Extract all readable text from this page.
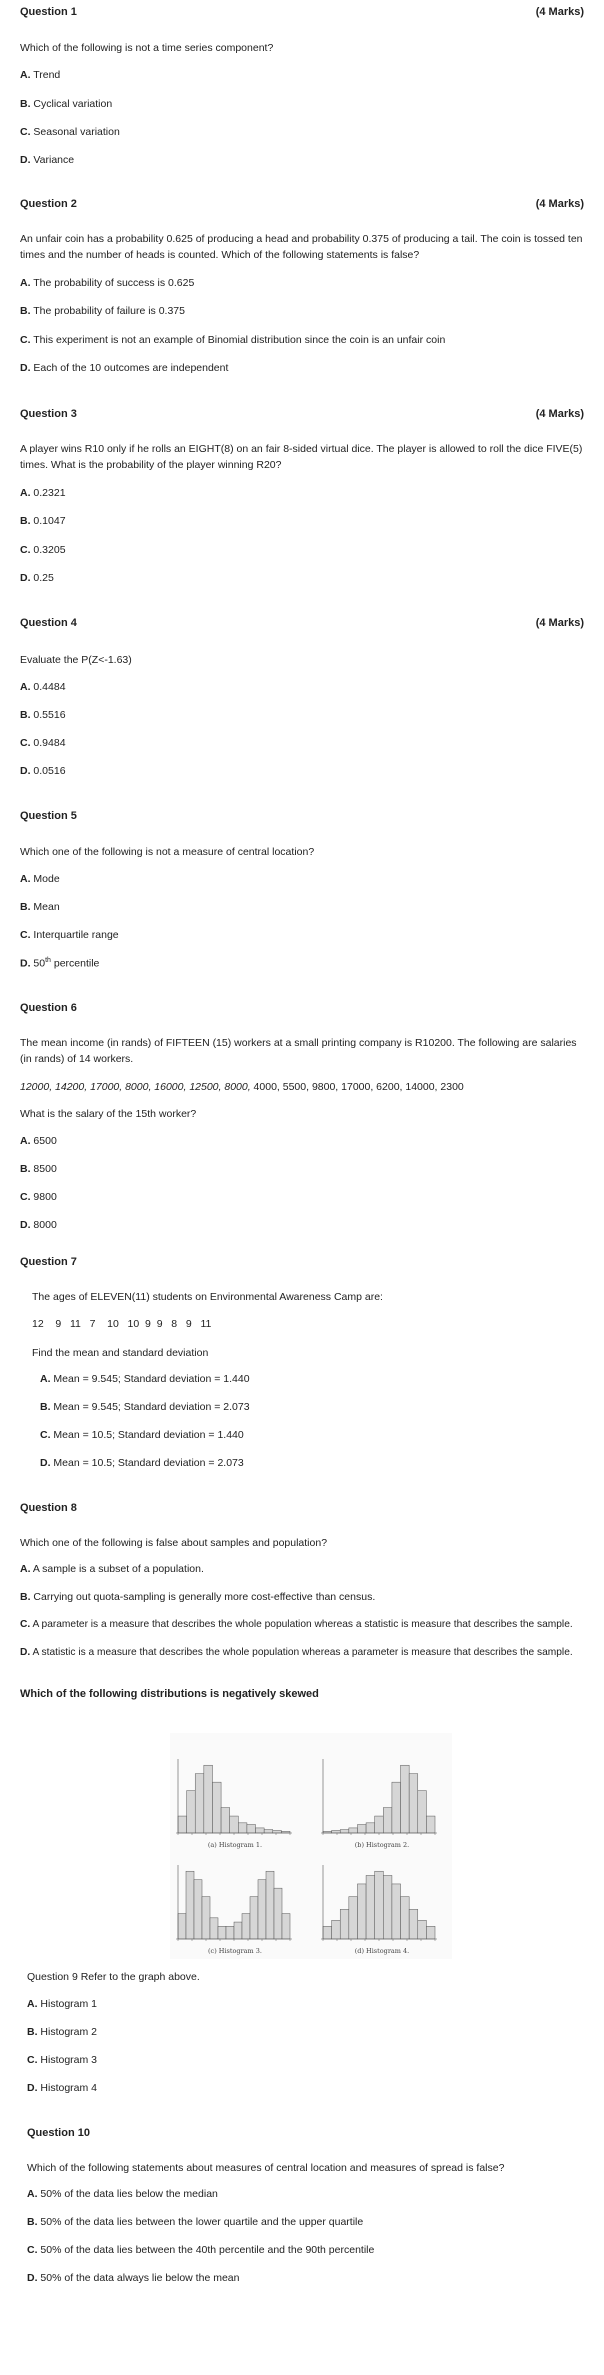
Question 1	(4 Marks)
Which of the following is not a time series component?
A. Trend
B. Cyclical variation
C. Seasonal variation
D. Variance
Question 2	(4 Marks)
An unfair coin has a probability 0.625 of producing a head and probability 0.375 of producing a tail. The coin is tossed ten times and the number of heads is counted. Which of the following statements is false?
A. The probability of success is 0.625
B. The probability of failure is 0.375
C. This experiment is not an example of Binomial distribution since the coin is an unfair coin
D. Each of the 10 outcomes are independent
Question 3	(4 Marks)
A player wins R10 only if he rolls an EIGHT(8) on an fair 8-sided virtual dice. The player is allowed to roll the dice FIVE(5) times. What is the probability of the player winning R20?
A. 0.2321
B. 0.1047
C. 0.3205
D. 0.25
Question 4	(4 Marks)
Evaluate the P(Z<-1.63)
A. 0.4484
B. 0.5516
C. 0.9484
D. 0.0516
Question 5
Which one of the following is not a measure of central location?
A. Mode
B. Mean
C. Interquartile range
D. 50th percentile
Question 6
The mean income (in rands) of FIFTEEN (15) workers at a small printing company is R10200. The following are salaries (in rands) of 14 workers.
12000, 14200, 17000, 8000, 16000, 12500, 8000, 4000, 5500, 9800, 17000, 6200, 14000, 2300
What is the salary of the 15th worker?
A. 6500
B. 8500
C. 9800
D. 8000
Question 7
The ages of ELEVEN(11) students on Environmental Awareness Camp are:
12    9   11   7    10   10  9  9   8   9   11
Find the mean and standard deviation
A. Mean = 9.545; Standard deviation = 1.440
B. Mean = 9.545; Standard deviation = 2.073
C. Mean = 10.5; Standard deviation = 1.440
D. Mean = 10.5; Standard deviation = 2.073
Question 8
Which one of the following is false about samples and population?
A. A sample is a subset of a population.
B. Carrying out quota-sampling is generally more cost-effective than census.
C. A parameter is a measure that describes the whole population whereas a statistic is measure that describes the sample.
D. A statistic is a measure that describes the whole population whereas a parameter is measure that describes the sample.
Which of the following distributions is negatively skewed
(a) Histogram 1.	(b) Histogram 2.
(c) Histogram 3.	(d) Histogram 4.
Question 9 Refer to the graph above.
A. Histogram 1
B. Histogram 2
C. Histogram 3
D. Histogram 4
Question 10
Which of the following statements about measures of central location and measures of spread is false?
A. 50% of the data lies below the median
B. 50% of the data lies between the lower quartile and the upper quartile
C. 50% of the data lies between the 40th percentile and the 90th percentile
D. 50% of the data always lie below the mean
